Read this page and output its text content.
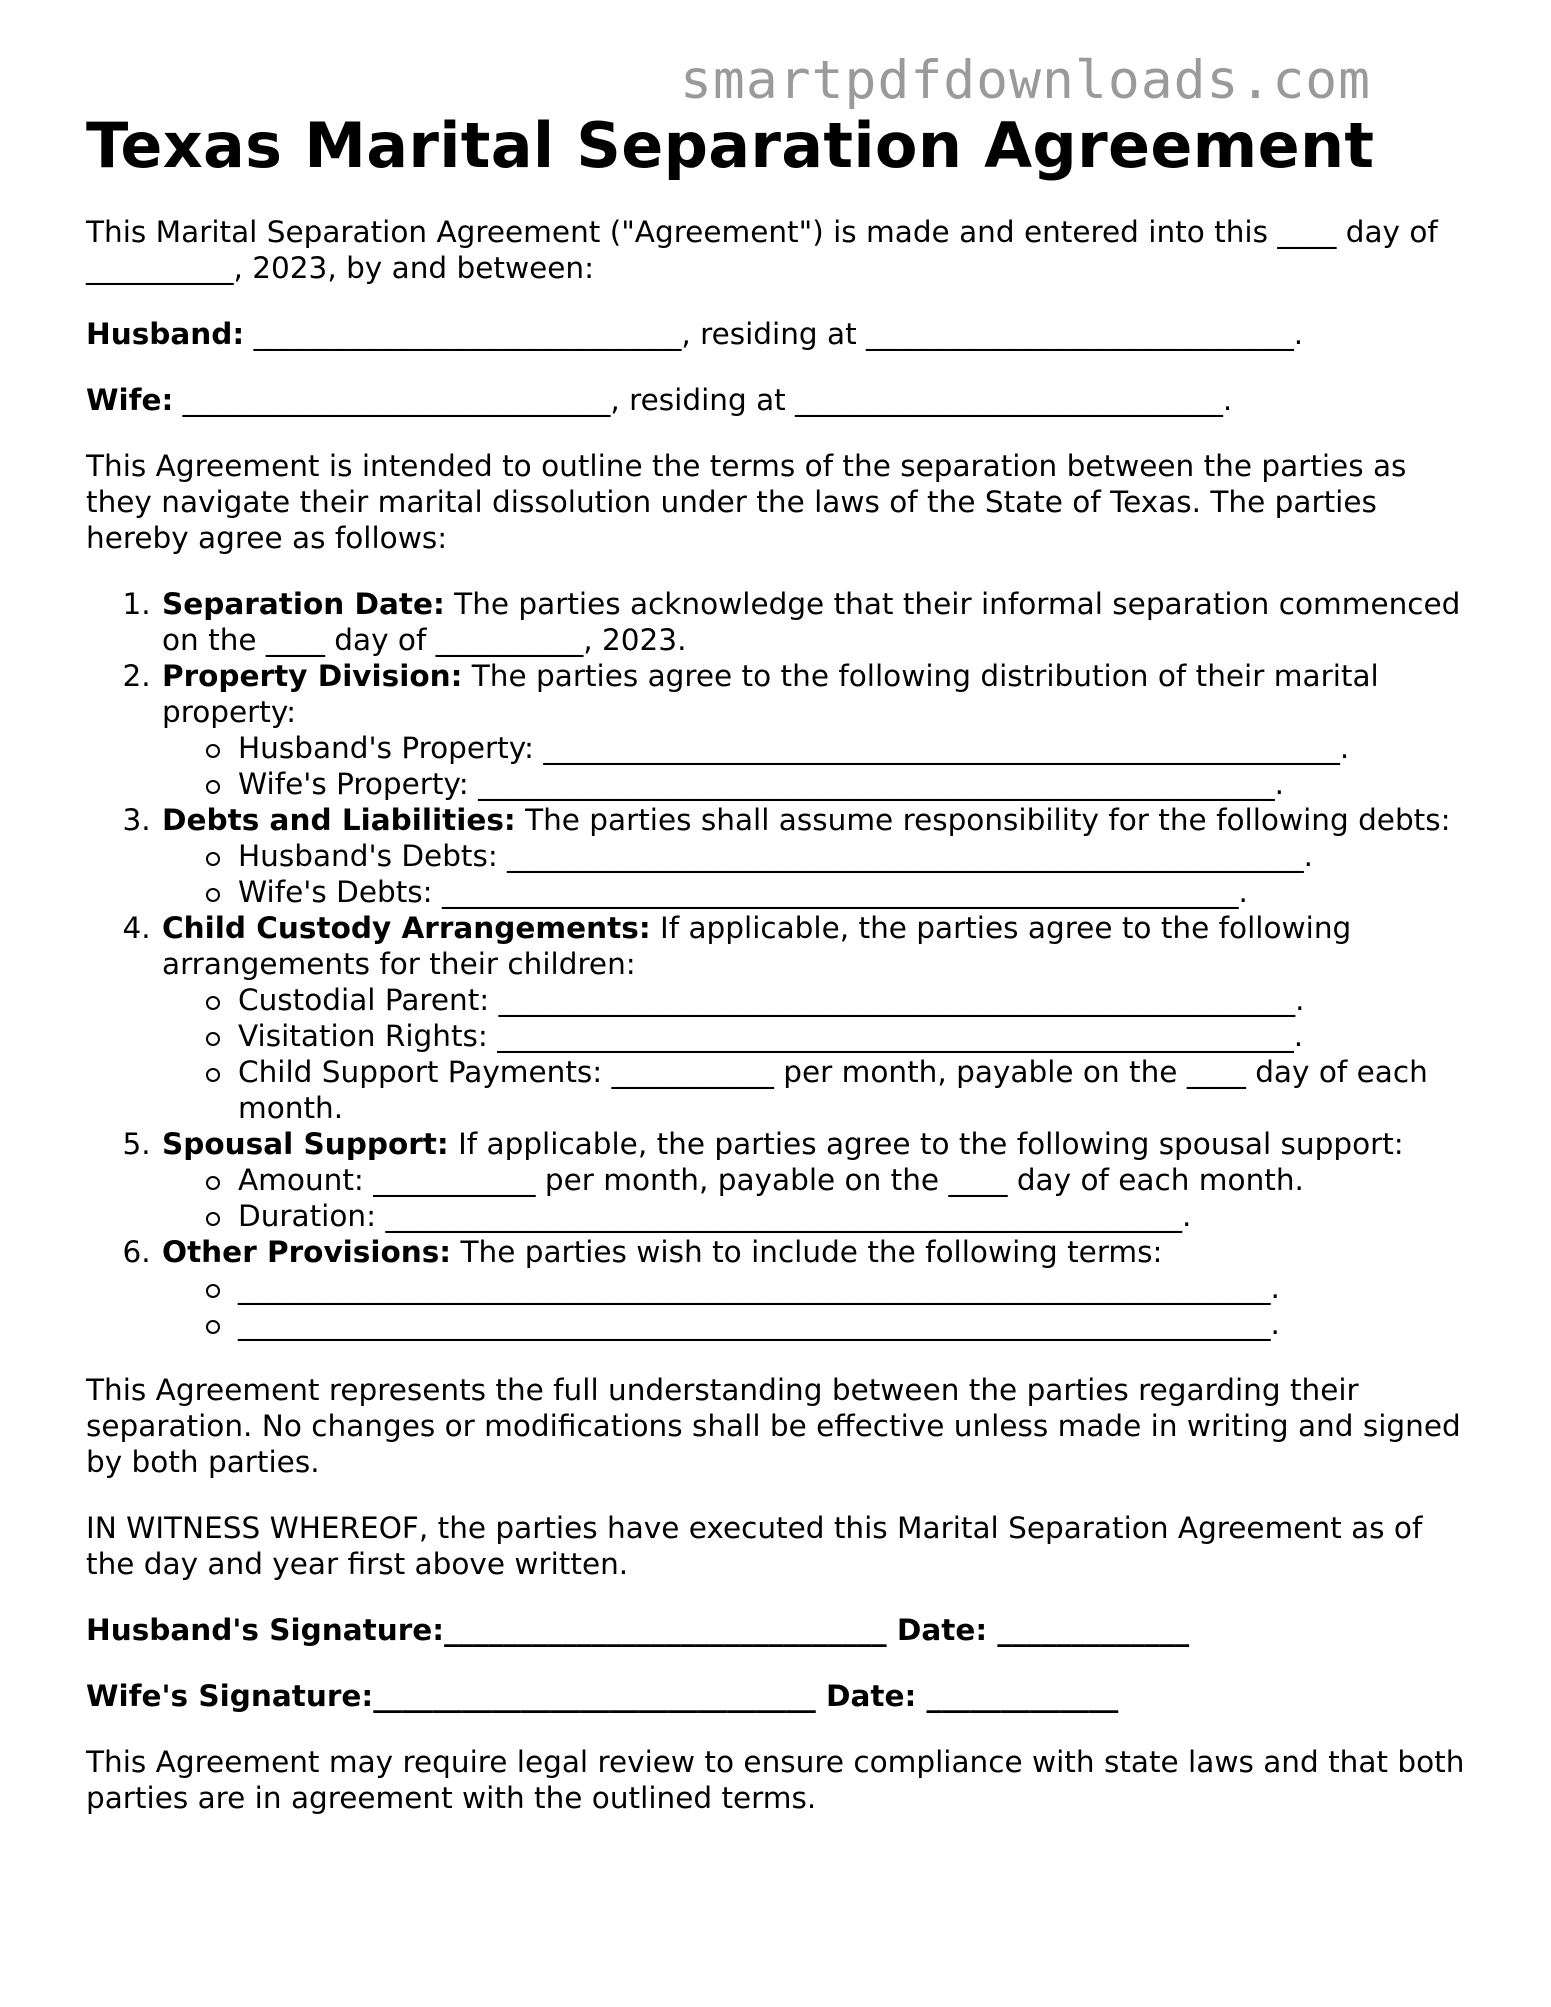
smartpdfdownloads.com
Texas Marital Separation Agreement

This Marital Separation Agreement ("Agreement") is made and entered into this ____ day of __________, 2023, by and between:

Husband: _____________________________, residing at _____________________________.

Wife: _____________________________, residing at _____________________________.

This Agreement is intended to outline the terms of the separation between the parties as they navigate their marital dissolution under the laws of the State of Texas. The parties hereby agree as follows:

1. Separation Date: The parties acknowledge that their informal separation commenced on the ____ day of __________, 2023.
2. Property Division: The parties agree to the following distribution of their marital property:
Husband's Property: ______________________________________________________.
Wife's Property: ______________________________________________________.
3. Debts and Liabilities: The parties shall assume responsibility for the following debts:
Husband's Debts: ______________________________________________________.
Wife's Debts: ______________________________________________________.
4. Child Custody Arrangements: If applicable, the parties agree to the following arrangements for their children:
Custodial Parent: ______________________________________________________.
Visitation Rights: ______________________________________________________.
Child Support Payments: ___________ per month, payable on the ____ day of each month.
5. Spousal Support: If applicable, the parties agree to the following spousal support:
Amount: ___________ per month, payable on the ____ day of each month.
Duration: ______________________________________________________.
6. Other Provisions: The parties wish to include the following terms:
______________________________________________________________________.
______________________________________________________________________.

This Agreement represents the full understanding between the parties regarding their separation. No changes or modifications shall be effective unless made in writing and signed by both parties.

IN WITNESS WHEREOF, the parties have executed this Marital Separation Agreement as of the day and year first above written.

Husband's Signature:______________________________ Date: _____________

Wife's Signature:______________________________ Date: _____________

This Agreement may require legal review to ensure compliance with state laws and that both parties are in agreement with the outlined terms.
